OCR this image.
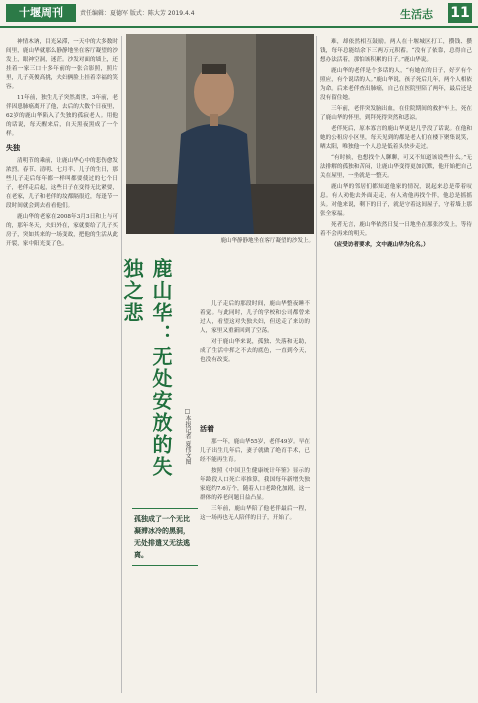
十堰周刊	责任编辑：夏德军 版式：陈大芳 2019.4.4	生活志 11

神情木讷，目光呆滞，一天中的大多数时间里，鹿山华就那么静静地坐在客厅凝望的沙发上，眼神空洞，迷茫。沙发对面的墙上，还挂着一家三口十多年前的一张合影照，照片里，儿子英俊高挑，夫妇俩脸上挂着幸福的笑容。

11年前，独生儿子突然离世，3年前，老伴因患肺癌离开了他，去后的大数个日夜里，62岁的鹿山华陷入了失独的孤寂老人。用他的话说，每天醒来后，自天黑夜黑成了一个样。

失独

清明节的乘前，让鹿山华心中的悲伤愈发浓烈。春节、清明、七月半、儿子的生日，那些儿子走后每年都一样叫都要使过的七个日子，老伴走后起，这些日子在变得无比紧要，在老家，儿子和老伴的坟都隔很近，每逢节一段时间就会到去看看他们。

鹿山华的老家在2008年3月3日和上与可的，那年冬天，夫妇外在，家就要给了儿子买房子，突如其来的一场变故，把他的生活从此开裂，家中阳光变了色。	鹿山华静静地坐在客厅凝望的沙发上。
鹿山华：无处安放的失独之悲
□本报记者 夏伟文图
孤独成了一个无比凝滞冰冷的黑洞，无处排遣又无法逃离。

儿子走后的那段时间，鹿山华整夜睡不着觉。与此同时，儿子的学校和公司都曾来过人，看望这对失独夫妇，但送走了来访的人，家里又重新回到了空荡。

对于鹿山华来说，孤独、失落和无助，成了生活中挥之不去的底色，一直到今天，也没有改变。

活着

那一年，鹿山华55岁，老伴49岁。早在儿子出生几年后，妻子就做了绝育手术，已经不能再生育。

按照《中国卫生健康统计年鉴》显示的年龄段人口死亡率推算，我国每年新增失独家庭约7.6万个，随着人口老龄化加剧，这一群体的养老问题日益凸显。

三年前，鹿山华陪了他老伴最后一程，这一场再也无人陪伴的日子，开始了。

难，却依然相互鼓励。两人在十堰城区打工，攒钱、攒钱，每年总能结余下三两万元积蓄。“没有了依靠，总得自己想办法活着，那怕该积累的日子。”鹿山华说。

鹿山华的老伴是个多话的人，“有她在的日子，好歹有个照应，有个说话的人。”鹿山华说，孩子死后几年，两个人相依为命。后来老伴查出肺癌，自己在医院里陪了两年，最后还是没有留住她。

三年前，老伴突发脑出血，在住院期间的救护车上，死在了鹿山华的怀里，到拜死得突然和悲凉。

老伴死后，原本寡言的鹿山华更是几乎没了话说。在他和她的公租房小区里，每天见到的都是老人们在楼下聚集说笑，晒太阳，唯独他一个人总是低着头快步走过。

“有时候，也想找个人聊聊，可又不知道该说些什么。”无法排解的孤独和苦闷，让鹿山华变得更加沉默，他开始把自己关在屋里，一坐就是一整天。

鹿山华的邻居们都知道他家的情况，说起来总是带着叹息。有人劝他去外面走走，有人劝他再找个伴，他总是摇摇头。对他来说，剩下的日子，就是守着这间屋子，守着墙上那张全家福。

死者无言，鹿山华依然日复一日地坐在那张沙发上，等待着不会再来的明天。

（应受访者要求，文中鹿山华为化名。）
